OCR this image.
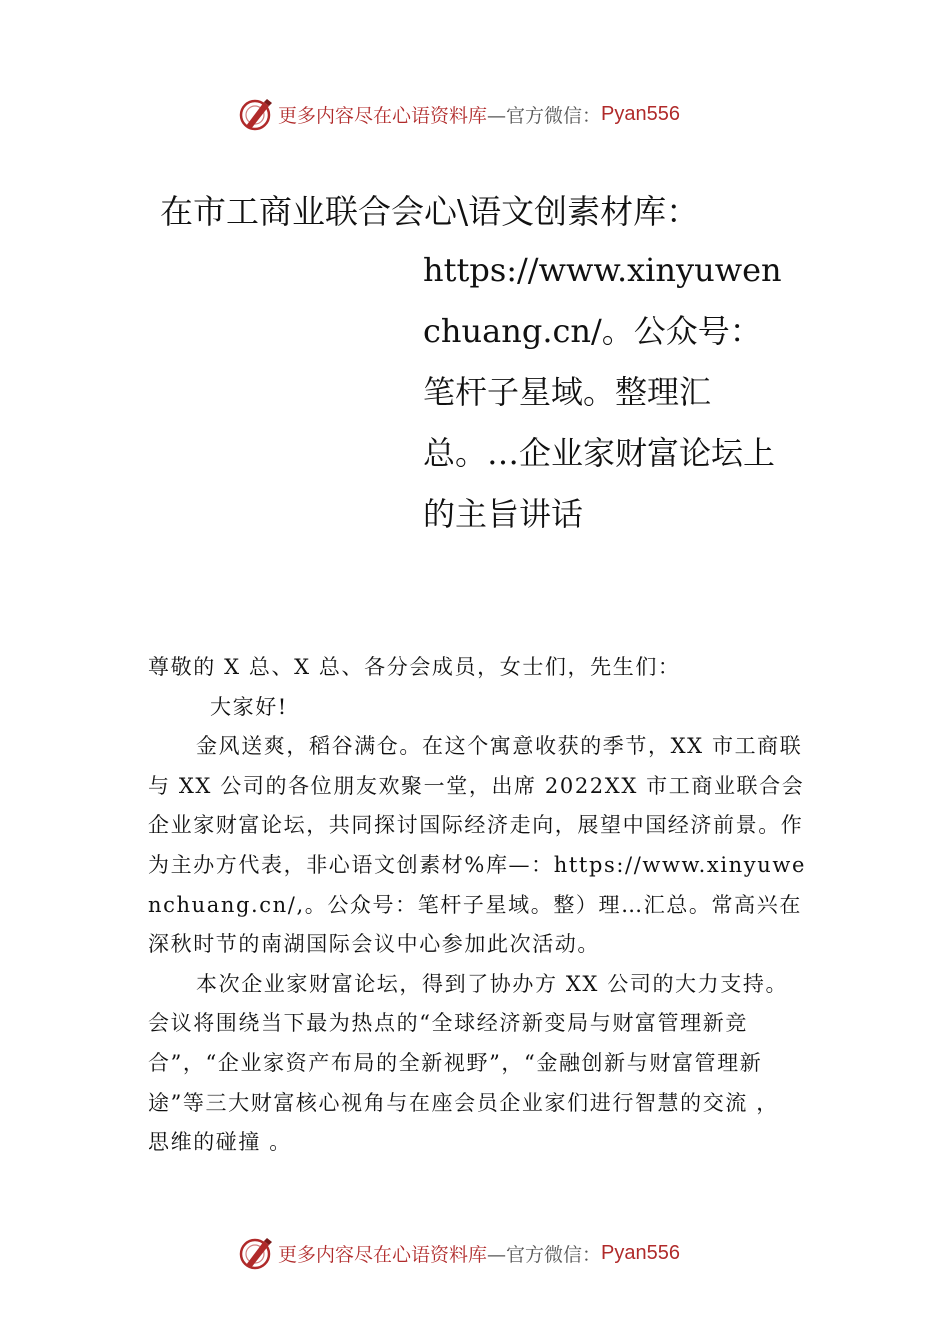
更多内容尽在心语资料库 —官方微信： Pyan556
在市工商业联合会心\语文创素材库：
https://www.xinyuwenchuang.cn/。公众号：笔杆子星域。整理汇总。…企业家财富论坛上的主旨讲话

尊敬的 X 总、X 总、各分会成员，女士们，先生们：

大家好!

金风送爽，稻谷满仓。在这个寓意收获的季节，XX 市工商联与 XX 公司的各位朋友欢聚一堂，出席 2022XX 市工商业联合会企业家财富论坛，共同探讨国际经济走向，展望中国经济前景。作为主办方代表，非心语文创素材%库—：https://www.xinyuwenchuang.cn/,。公众号：笔杆子星域。整）理…汇总。常高兴在深秋时节的南湖国际会议中心参加此次活动。

本次企业家财富论坛，得到了协办方 XX 公司的大力支持。会议将围绕当下最为热点的“全球经济新变局与财富管理新竞合”，“企业家资产布局的全新视野”，“金融创新与财富管理新途”等三大财富核心视角与在座会员企业家们进行智慧的交流 ， 思维的碰撞 。

更多内容尽在心语资料库 —官方微信： Pyan556
